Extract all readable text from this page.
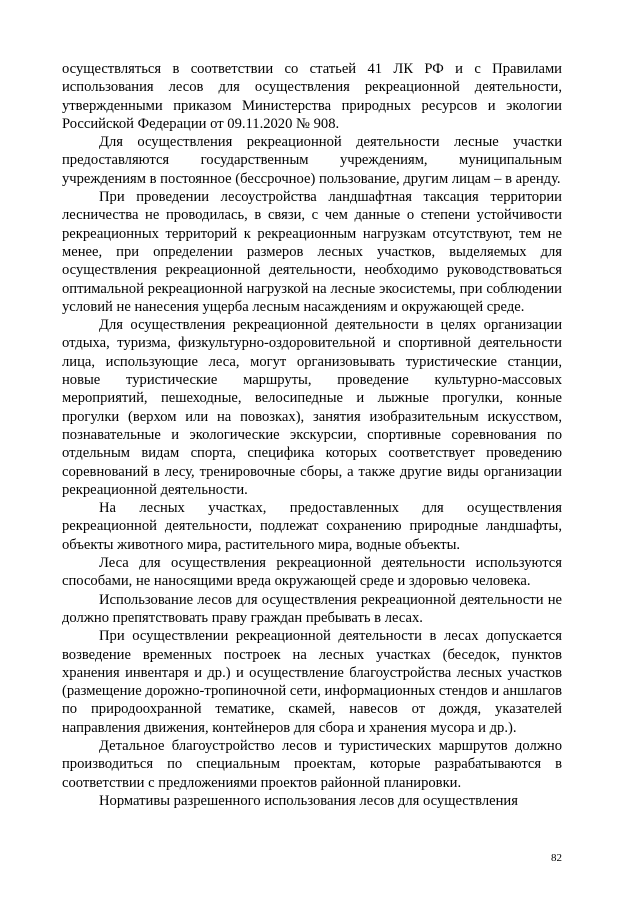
осуществляться в соответствии со статьей 41 ЛК РФ и с Правилами использования лесов для осуществления рекреационной деятельности, утвержденными приказом Министерства природных ресурсов и экологии Российской Федерации от 09.11.2020 № 908.

Для осуществления рекреационной деятельности лесные участки предоставляются государственным учреждениям, муниципальным учреждениям в постоянное (бессрочное) пользование, другим лицам – в аренду.

При проведении лесоустройства ландшафтная таксация территории лесничества не проводилась, в связи, с чем данные о степени устойчивости рекреационных территорий к рекреационным нагрузкам отсутствуют, тем не менее, при определении размеров лесных участков, выделяемых для осуществления рекреационной деятельности, необходимо руководствоваться оптимальной рекреационной нагрузкой на лесные экосистемы, при соблюдении условий не нанесения ущерба лесным насаждениям и окружающей среде.

Для осуществления рекреационной деятельности в целях организации отдыха, туризма, физкультурно-оздоровительной и спортивной деятельности лица, использующие леса, могут организовывать туристические станции, новые туристические маршруты, проведение культурно-массовых мероприятий, пешеходные, велосипедные и лыжные прогулки, конные прогулки (верхом или на повозках), занятия изобразительным искусством, познавательные и экологические экскурсии, спортивные соревнования по отдельным видам спорта, специфика которых соответствует проведению соревнований в лесу, тренировочные сборы, а также другие виды организации рекреационной деятельности.

На лесных участках, предоставленных для осуществления рекреационной деятельности, подлежат сохранению природные ландшафты, объекты животного мира, растительного мира, водные объекты.

Леса для осуществления рекреационной деятельности используются способами, не наносящими вреда окружающей среде и здоровью человека.

Использование лесов для осуществления рекреационной деятельности не должно препятствовать праву граждан пребывать в лесах.

При осуществлении рекреационной деятельности в лесах допускается возведение временных построек на лесных участках (беседок, пунктов хранения инвентаря и др.) и осуществление благоустройства лесных участков (размещение дорожно-тропиночной сети, информационных стендов и аншлагов по природоохранной тематике, скамей, навесов от дождя, указателей направления движения, контейнеров для сбора и хранения мусора и др.).

Детальное благоустройство лесов и туристических маршрутов должно производиться по специальным проектам, которые разрабатываются в соответствии с предложениями проектов районной планировки.

Нормативы разрешенного использования лесов для осуществления

82
